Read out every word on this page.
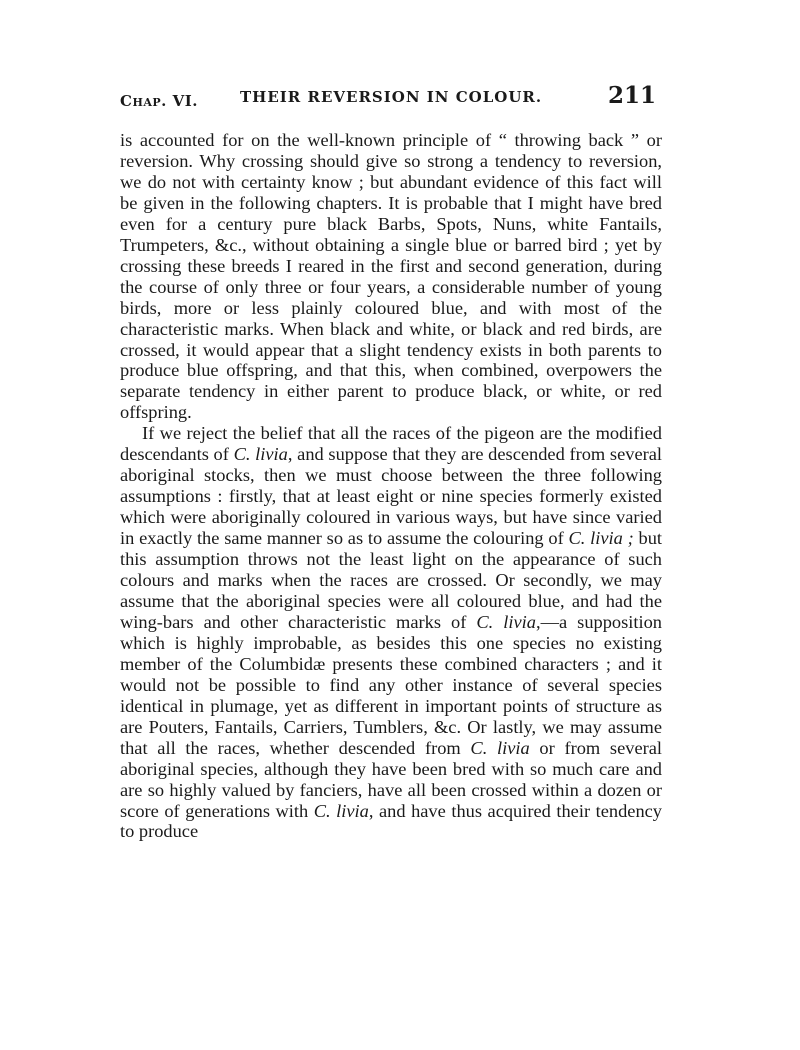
Chap. VI.	THEIR REVERSION IN COLOUR.	211

is accounted for on the well-known principle of “ throwing back ” or reversion. Why crossing should give so strong a tendency to reversion, we do not with certainty know ; but abundant evidence of this fact will be given in the following chapters. It is probable that I might have bred even for a century pure black Barbs, Spots, Nuns, white Fantails, Trumpeters, &c., without obtaining a single blue or barred bird ; yet by crossing these breeds I reared in the first and second generation, during the course of only three or four years, a considerable number of young birds, more or less plainly coloured blue, and with most of the characteristic marks. When black and white, or black and red birds, are crossed, it would appear that a slight tendency exists in both parents to produce blue offspring, and that this, when combined, overpowers the separate tendency in either parent to produce black, or white, or red offspring.

If we reject the belief that all the races of the pigeon are the modified descendants of C. livia, and suppose that they are descended from several aboriginal stocks, then we must choose between the three following assumptions : firstly, that at least eight or nine species formerly existed which were aboriginally coloured in various ways, but have since varied in exactly the same manner so as to assume the colouring of C. livia ; but this assumption throws not the least light on the appearance of such colours and marks when the races are crossed. Or secondly, we may assume that the aboriginal species were all coloured blue, and had the wing-bars and other characteristic marks of C. livia,—a supposition which is highly improbable, as besides this one species no existing member of the Columbidæ presents these combined characters ; and it would not be possible to find any other instance of several species identical in plumage, yet as different in important points of structure as are Pouters, Fantails, Carriers, Tumblers, &c. Or lastly, we may assume that all the races, whether descended from C. livia or from several aboriginal species, although they have been bred with so much care and are so highly valued by fanciers, have all been crossed within a dozen or score of generations with C. livia, and have thus acquired their tendency to produce
